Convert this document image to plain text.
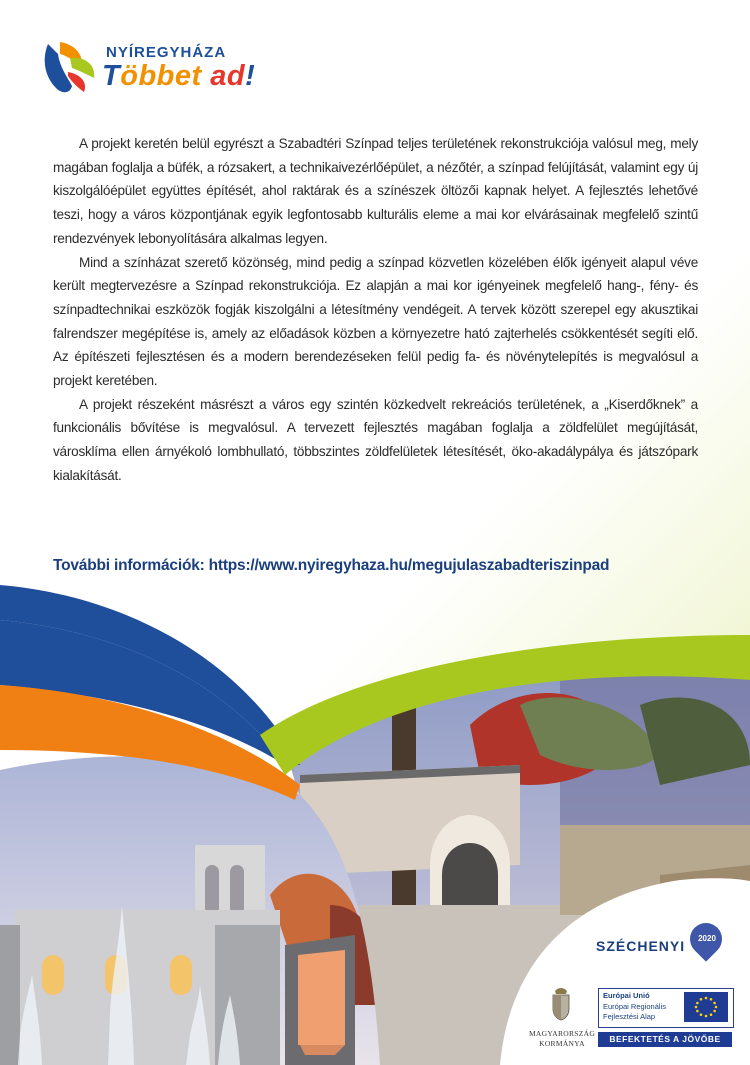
NYÍREGYHÁZA
Többet ad!

A projekt keretén belül egyrészt a Szabadtéri Színpad teljes területének rekonstrukciója valósul meg, mely magában foglalja a büfék, a rózsakert, a technikaivezérlőépület, a nézőtér, a színpad felújítását, valamint egy új kiszolgálóépület együttes építését, ahol raktárak és a színészek öltözői kapnak helyet. A fejlesztés lehetővé teszi, hogy a város központjának egyik legfontosabb kulturális eleme a mai kor elvárásainak megfelelő szintű rendezvények lebonyolítására alkalmas legyen.

Mind a színházat szerető közönség, mind pedig a színpad közvetlen közelében élők igényeit alapul véve került megtervezésre a Színpad rekonstrukciója. Ez alapján a mai kor igényeinek megfelelő hang-, fény- és színpadtechnikai eszközök fogják kiszolgálni a létesítmény vendégeit. A tervek között szerepel egy akusztikai falrendszer megépítése is, amely az előadások közben a környezetre ható zajterhelés csökkentését segíti elő. Az építészeti fejlesztésen és a modern berendezéseken felül pedig fa- és növénytelepítés is megvalósul a projekt keretében.

A projekt részeként másrészt a város egy szintén közkedvelt rekreációs területének, a „Kiserdőknek” a funkcionális bővítése is megvalósul. A tervezett fejlesztés magában foglalja a zöldfelület megújítását, városklíma ellen árnyékoló lombhullató, többszintes zöldfelületek létesítését, öko-akadálypálya és játszópark kialakítását.

További információk: https://www.nyiregyhaza.hu/megujulaszabadteriszinpad
SZÉCHENYI	2020
MAGYARORSZÁG
KORMÁNYA
Európai Unió
Európai Regionális
Fejlesztési Alap
BEFEKTETÉS A JÖVŐBE
